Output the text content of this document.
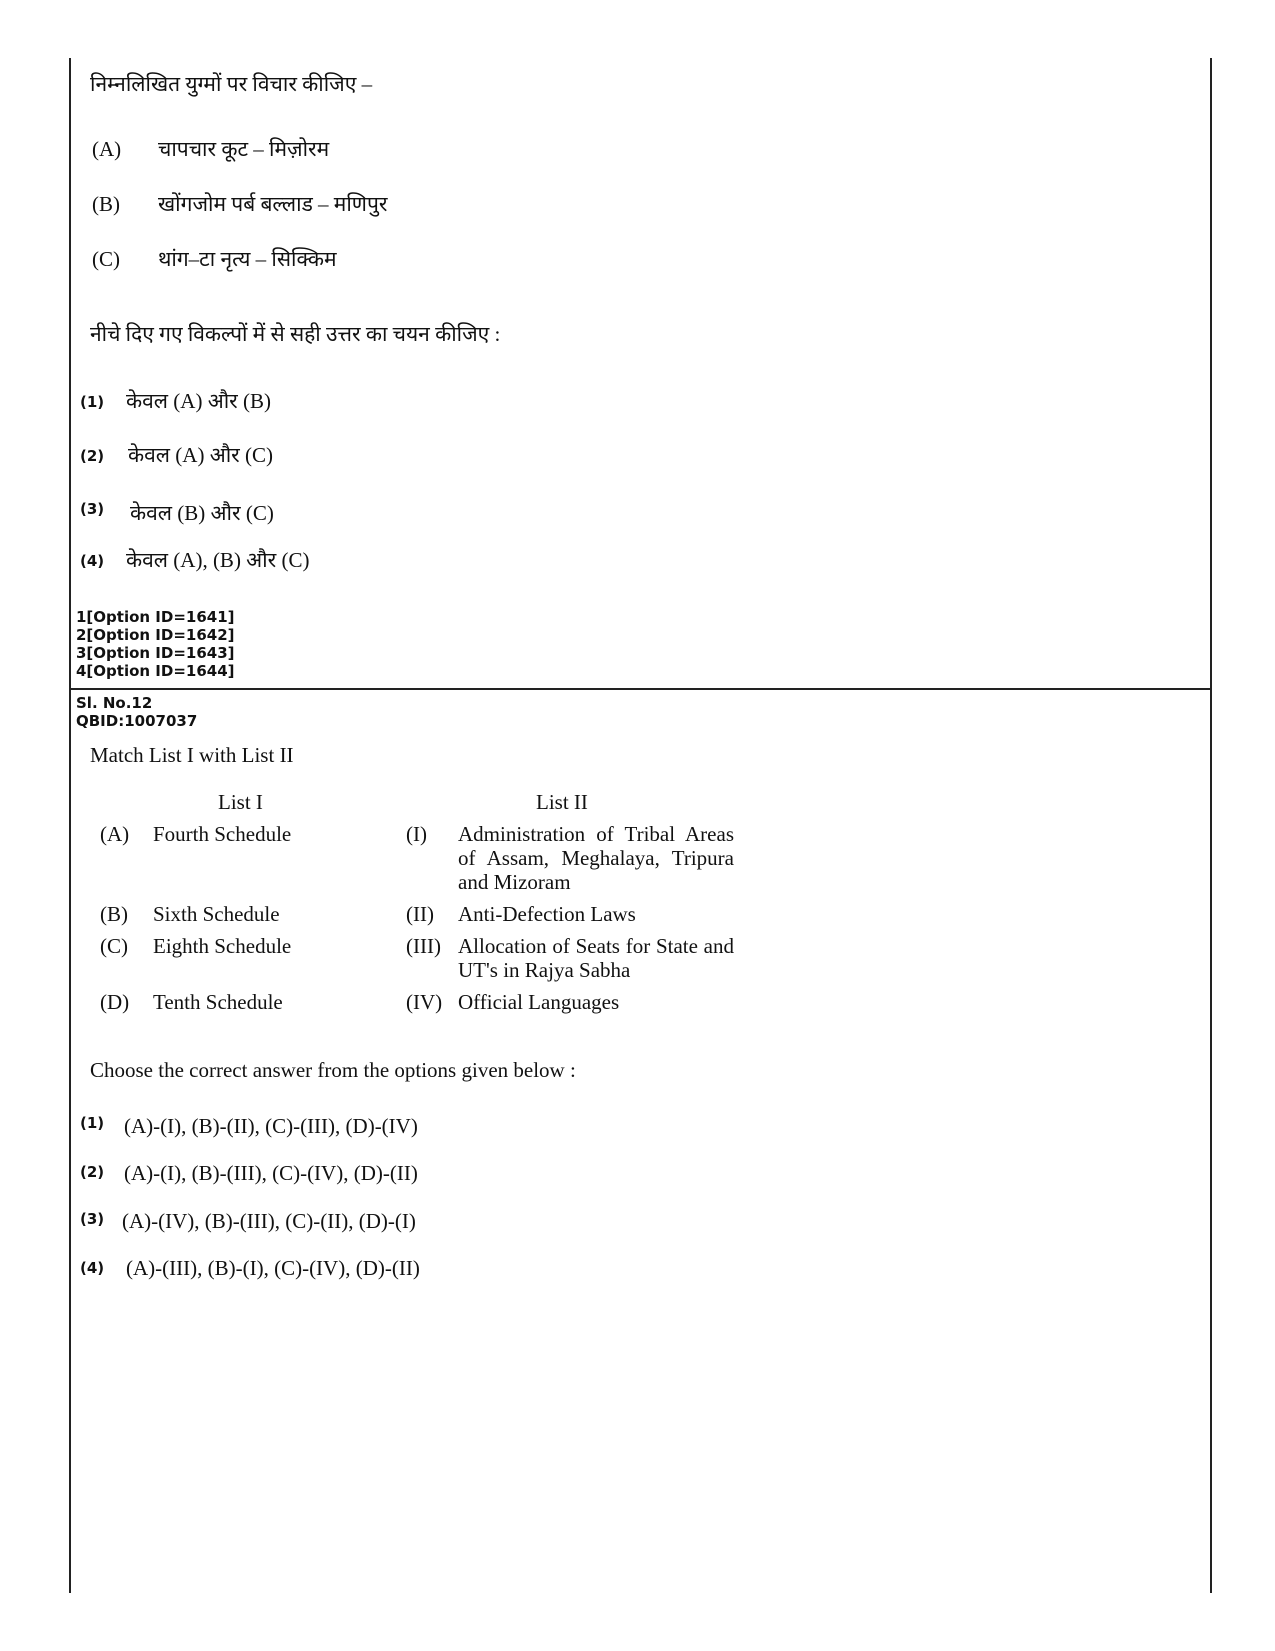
निम्नलिखित युग्मों पर विचार कीजिए –
(A) चापचार कूट – मिज़ोरम
(B) खोंगजोम पर्ब बल्लाड – मणिपुर
(C) थांग–टा नृत्य – सिक्किम
नीचे दिए गए विकल्पों में से सही उत्तर का चयन कीजिए :
(1) केवल (A) और (B)
(2) केवल (A) और (C)
(3) केवल (B) और (C)
(4) केवल (A), (B) और (C)
1[Option ID=1641]
2[Option ID=1642]
3[Option ID=1643]
4[Option ID=1644]
Sl. No.12
QBID:1007037
Match List I with List II
List I	List II
(A) Fourth Schedule	(I) Administration of Tribal Areas of Assam, Meghalaya, Tripura and Mizoram
(B) Sixth Schedule	(II) Anti-Defection Laws
(C) Eighth Schedule	(III) Allocation of Seats for State and UT's in Rajya Sabha
(D) Tenth Schedule	(IV) Official Languages
Choose the correct answer from the options given below :
(1) (A)-(I), (B)-(II), (C)-(III), (D)-(IV)
(2) (A)-(I), (B)-(III), (C)-(IV), (D)-(II)
(3) (A)-(IV), (B)-(III), (C)-(II), (D)-(I)
(4) (A)-(III), (B)-(I), (C)-(IV), (D)-(II)
